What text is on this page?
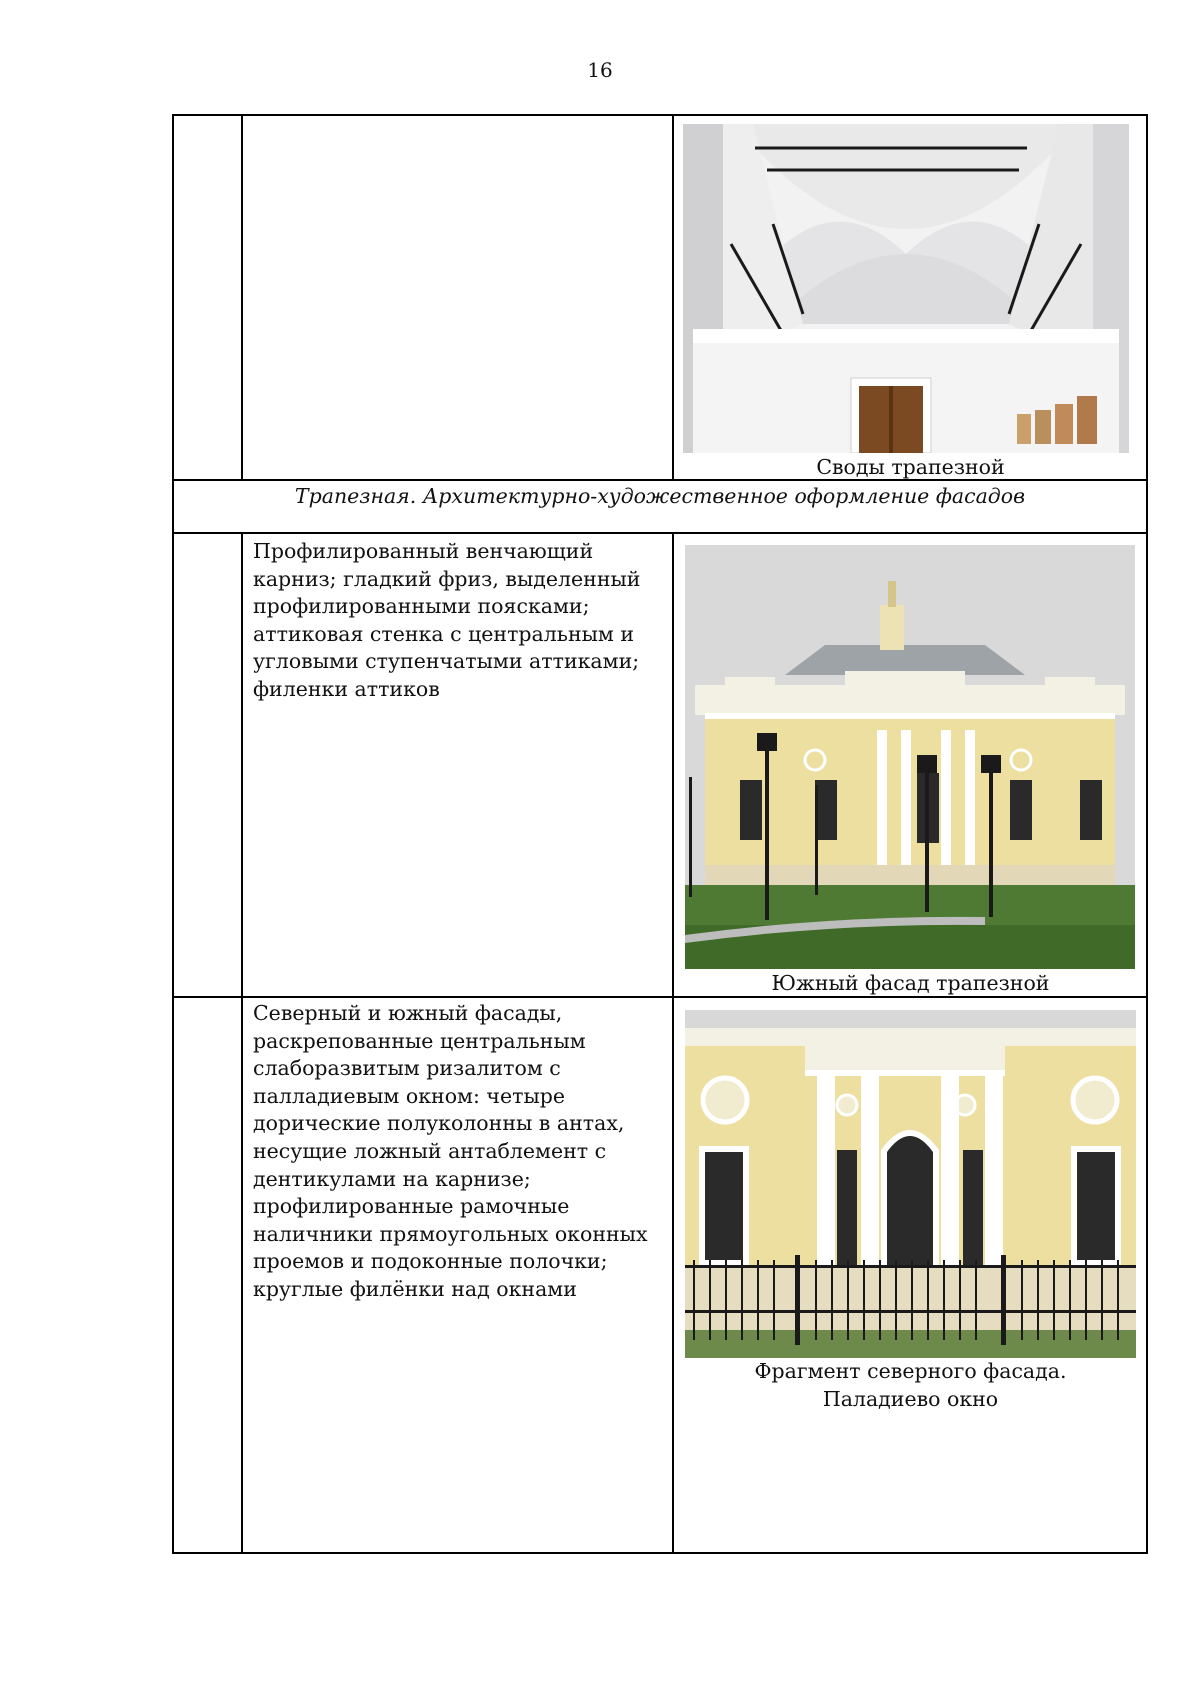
16
Своды трапезной
Трапезная. Архитектурно-художественное оформление фасадов
Профилированный венчающий карниз; гладкий фриз, выделенный профилированными поясками; аттиковая стенка с центральным и угловыми ступенчатыми аттиками; филенки аттиков
Южный фасад трапезной
Северный и южный фасады, раскрепованные центральным слаборазвитым ризалитом с палладиевым окном: четыре дорические полуколонны в антах, несущие ложный антаблемент с дентикулами на карнизе; профилированные рамочные наличники прямоугольных оконных проемов и подоконные полочки; круглые филёнки над окнами
Фрагмент северного фасада.
Паладиево окно
